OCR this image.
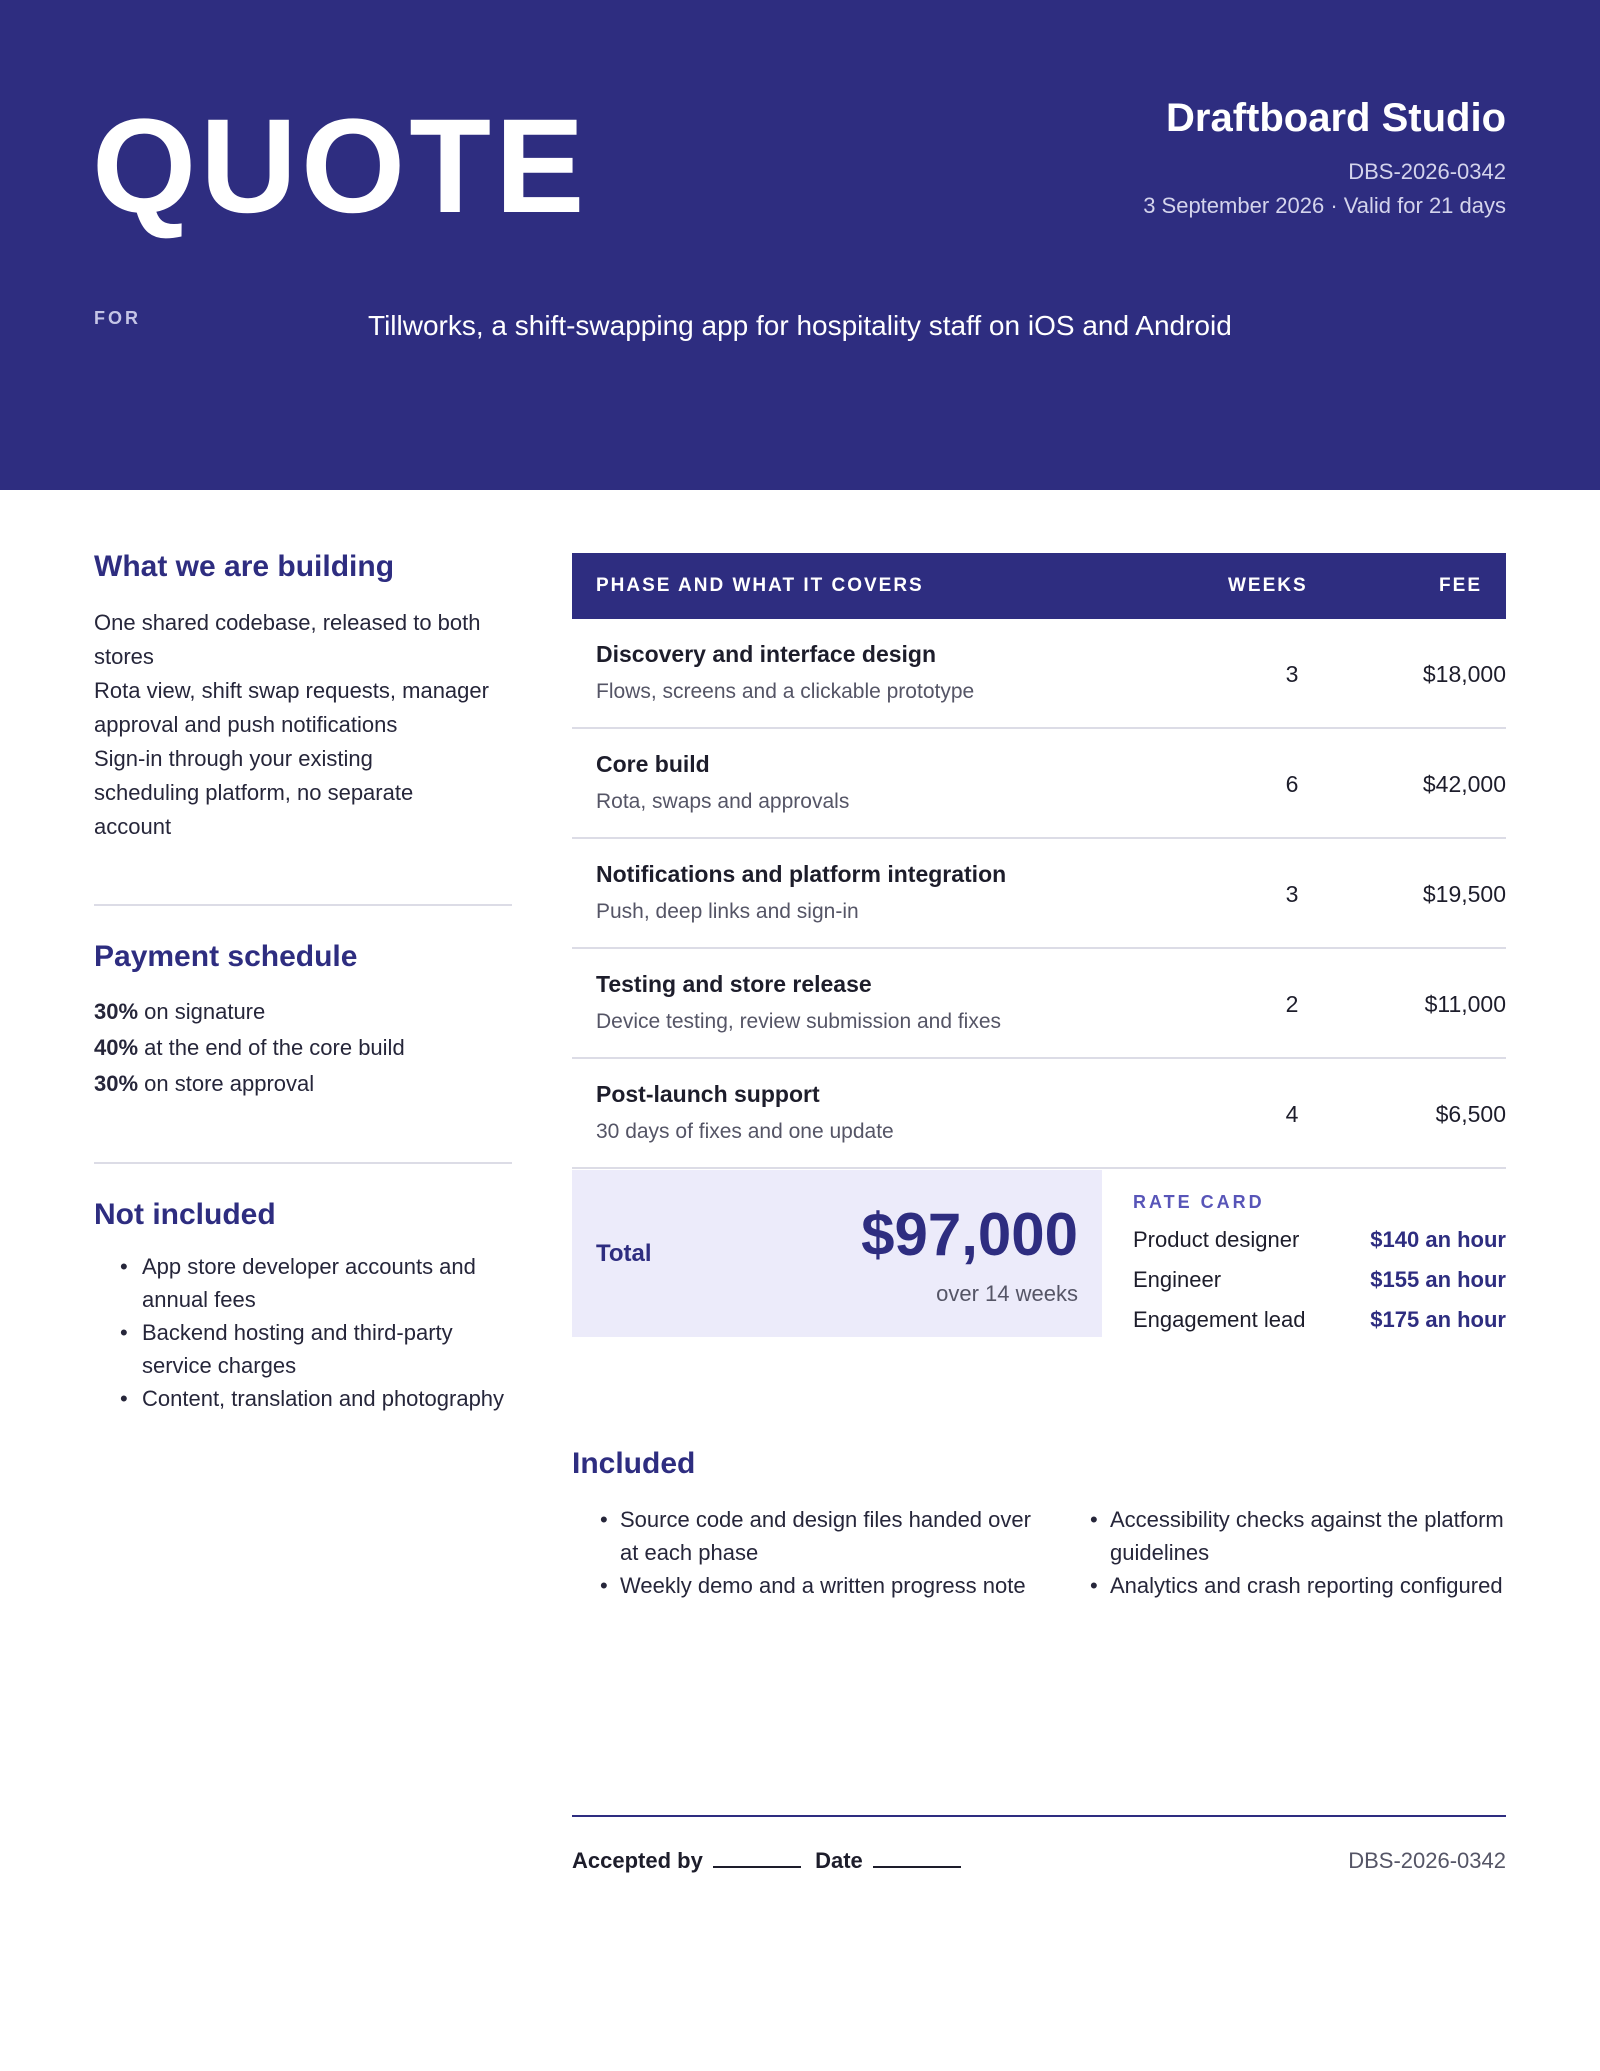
QUOTE	Draftboard Studio
DBS-2026-0342
3 September 2026 · Valid for 21 days
FOR	Tillworks, a shift-swapping app for hospitality staff on iOS and Android
What we are building
One shared codebase, released to both
stores
Rota view, shift swap requests, manager
approval and push notifications
Sign-in through your existing
scheduling platform, no separate
account
Payment schedule
30% on signature
40% at the end of the core build
30% on store approval
Not included
• App store developer accounts and annual fees
• Backend hosting and third-party service charges
• Content, translation and photography
PHASE AND WHAT IT COVERS	WEEKS	FEE
Discovery and interface design
Flows, screens and a clickable prototype
3	$18,000
Core build
Rota, swaps and approvals
6	$42,000
Notifications and platform integration
Push, deep links and sign-in
3	$19,500
Testing and store release
Device testing, review submission and fixes
2	$11,000
Post-launch support
30 days of fixes and one update
4	$6,500
Total	$97,000
over 14 weeks
RATE CARD
Product designer	$140 an hour
Engineer	$155 an hour
Engagement lead	$175 an hour
Included
• Source code and design files handed over at each phase
• Weekly demo and a written progress note
• Accessibility checks against the platform guidelines
• Analytics and crash reporting configured
Accepted by	Date	DBS-2026-0342
